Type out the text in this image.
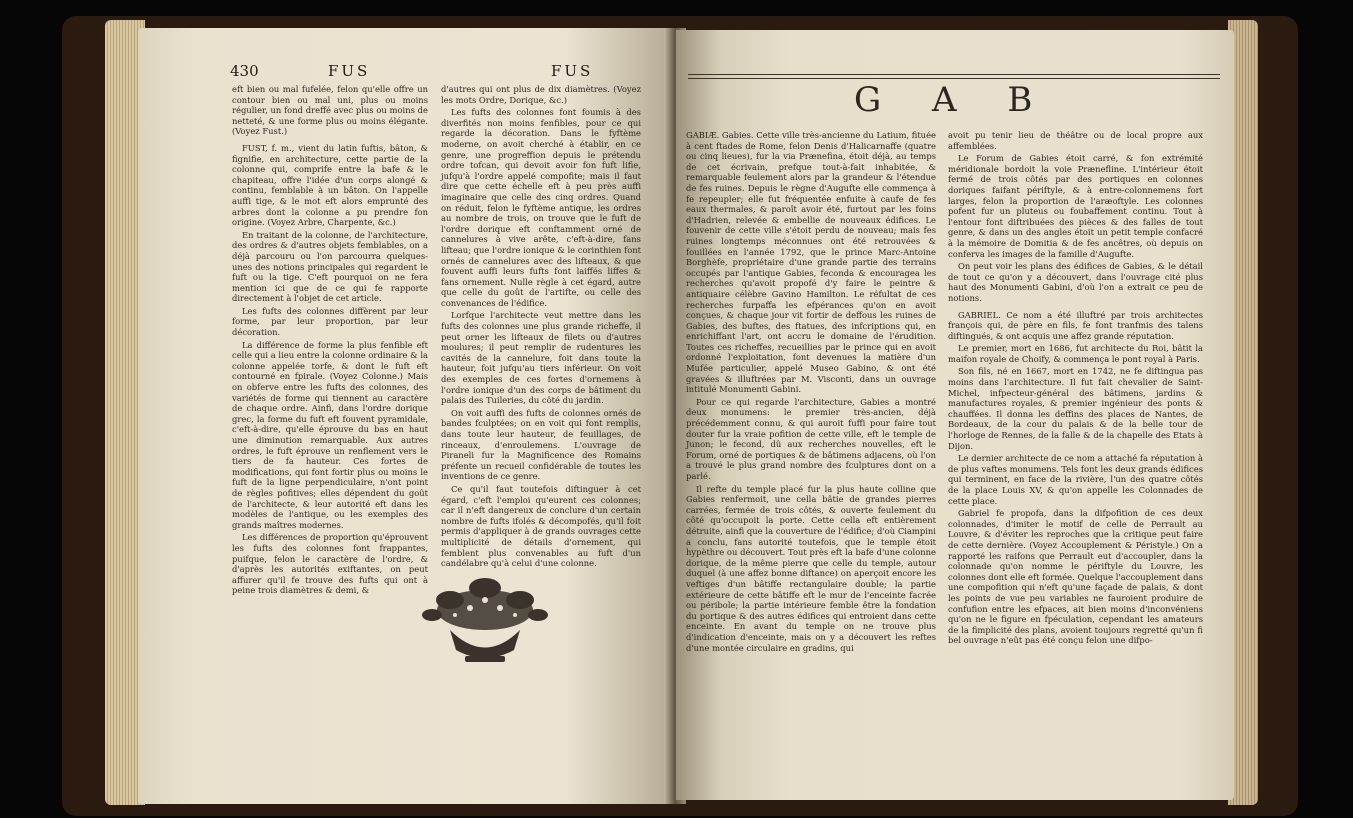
430	FUS	FUS

eft bien ou mal fufelée, felon qu'elle offre un contour bien ou mal uni, plus ou moins régulier, un fond dreffé avec plus ou moins de netteté, & une forme plus ou moins élégante. (Voyez Fust.)

FUST, f. m., vient du latin fuftis, bâton, & fignifie, en architecture, cette partie de la colonne qui, comprife entre la bafe & le chapiteau, offre l'idée d'un corps alongé & continu, femblable à un bâton. On l'appelle auffi tige, & le mot eft alors emprunté des arbres dont la colonne a pu prendre fon origine. (Voyez Arbre, Charpente, &c.)

En traitant de la colonne, de l'architecture, des ordres & d'autres objets femblables, on a déjà parcouru ou l'on parcourra quelques-unes des notions principales qui regardent le fuft ou la tige. C'eft pourquoi on ne fera mention ici que de ce qui fe rapporte directement à l'objet de cet article.

Les fufts des colonnes diffèrent par leur forme, par leur proportion, par leur décoration.

La différence de forme la plus fenfible eft celle qui a lieu entre la colonne ordinaire & la colonne appelée torfe, & dont le fuft eft contourné en fpirale. (Voyez Colonne.) Mais on obferve entre les fufts des colonnes, des variétés de forme qui tiennent au caractère de chaque ordre. Ainfi, dans l'ordre dorique grec, la forme du fuft eft fouvent pyramidale, c'eft-à-dire, qu'elle éprouve du bas en haut une diminution remarquable. Aux autres ordres, le fuft éprouve un renflement vers le tiers de fa hauteur. Ces fortes de modifications, qui font fortir plus ou moins le fuft de la ligne perpendiculaire, n'ont point de règles pofitives; elles dépendent du goût de l'architecte, & leur autorité eft dans les modèles de l'antique, ou les exemples des grands maîtres modernes.

Les différences de proportion qu'éprouvent les fufts des colonnes font frappantes, puifque, felon le caractère de l'ordre, & d'après les autorités exiftantes, on peut affurer qu'il fe trouve des fufts qui ont à peine trois diamètres & demi, &

d'autres qui ont plus de dix diamètres. (Voyez les mots Ordre, Dorique, &c.)

Les fufts des colonnes font foumis à des diverfités non moins fenfibles, pour ce qui regarde la décoration. Dans le fyftème moderne, on avoit cherché à établir, en ce genre, une progreffion depuis le prétendu ordre tofcan, qui devoit avoir fon fuft lifie, jufqu'à l'ordre appelé compofite; mais il faut dire que cette échelle eft à peu près auffi imaginaire que celle des cinq ordres. Quand on réduit, felon le fyftème antique, les ordres au nombre de trois, on trouve que le fuft de l'ordre dorique eft conftamment orné de cannelures à vive arête, c'eft-à-dire, fans lifteau; que l'ordre ionique & le corinthien font ornés de cannelures avec des lifteaux, & que fouvent auffi leurs fufts font laiffés liffes & fans ornement. Nulle règle à cet égard, autre que celle du goût de l'artifte, ou celle des convenances de l'édifice.

Lorfque l'architecte veut mettre dans les fufts des colonnes une plus grande richeffe, il peut orner les lifteaux de filets ou d'autres moulures; il peut remplir de rudentures les cavités de la cannelure, foit dans toute la hauteur, foit jufqu'au tiers inférieur. On voit des exemples de ces fortes d'ornemens à l'ordre ionique d'un des corps de bâtiment du palais des Tuileries, du côté du jardin.

On voit auffi des fufts de colonnes ornés de bandes fculptées; on en voit qui font remplis, dans toute leur hauteur, de feuillages, de rinceaux, d'enroulemens. L'ouvrage de Piraneli fur la Magnificence des Romains préfente un recueil confidérable de toutes les inventions de ce genre.

Ce qu'il faut toutefois diftinguer à cet égard, c'eft l'emploi qu'eurent ces colonnes; car il n'eft dangereux de conclure d'un certain nombre de fufts ifolés & décompofés, qu'il foit permis d'appliquer à de grands ouvrages cette multiplicité de détails d'ornement, qui femblent plus convenables au fuft d'un candélabre qu'à celui d'une colonne.

G A B

GABIÆ. Gabies. Cette ville très-ancienne du Latium, fituée à cent ftades de Rome, felon Denis d'Halicarnaffe (quatre ou cinq lieues), fur la via Prænefina, étoit déjà, au temps de cet écrivain, prefque tout-à-fait inhabitée, & remarquable feulement alors par la grandeur & l'étendue de fes ruines. Depuis le règne d'Augufte elle commença à fe repeupler; elle fut fréquentée enfuite à caufe de fes eaux thermales, & paroît avoir été, furtout par les foins d'Hadrien, relevée & embellie de nouveaux édifices. Le fouvenir de cette ville s'étoit perdu de nouveau; mais fes ruines longtemps méconnues ont été retrouvées & fouillées en l'année 1792, que le prince Marc-Antoine Borghèfe, propriétaire d'une grande partie des terrains occupés par l'antique Gabies, feconda & encouragea les recherches qu'avoit propofé d'y faire le peintre & antiquaire célèbre Gavino Hamilton. Le réfultat de ces recherches furpaffa les efpérances qu'on en avoit conçues, & chaque jour vit fortir de deffous les ruines de Gabies, des buftes, des ftatues, des infcriptions qui, en enrichiffant l'art, ont accru le domaine de l'érudition. Toutes ces richeffes, recueillies par le prince qui en avoit ordonné l'exploitation, font devenues la matière d'un Mufée particulier, appelé Museo Gabino, & ont été gravées & illuftrées par M. Visconti, dans un ouvrage intitulé Monumenti Gabini.

Pour ce qui regarde l'architecture, Gabies a montré deux monumens: le premier très-ancien, déjà précédemment connu, & qui auroit fuffi pour faire tout douter fur la vraie pofition de cette ville, eft le temple de Junon; le fecond, dû aux recherches nouvelles, eft le Forum, orné de portiques & de bâtimens adjacens, où l'on a trouvé le plus grand nombre des fculptures dont on a parlé.

Il refte du temple placé fur la plus haute colline que Gabies renfermoit, une cella bâtie de grandes pierres carrées, fermée de trois côtés, & ouverte feulement du côté qu'occupoit la porte. Cette cella eft entièrement détruite, ainfi que la couverture de l'édifice; d'où Ciampini a conclu, fans autorité toutefois, que le temple étoit hypèthre ou découvert. Tout près eft la bafe d'une colonne dorique, de la même pierre que celle du temple, autour duquel (à une affez bonne diftance) on aperçoit encore les veftiges d'un bâtiffe rectangulaire double; la partie extérieure de cette bâtiffe eft le mur de l'enceinte facrée ou péribole; la partie intérieure femble être la fondation du portique & des autres édifices qui entroient dans cette enceinte. En avant du temple on ne trouve plus d'indication d'enceinte, mais on y a découvert les reftes d'une montée circulaire en gradins, qui

avoit pu tenir lieu de théâtre ou de local propre aux affemblées.

Le Forum de Gabies étoit carré, & fon extrémité méridionale bordoit la voie Prænefline. L'intérieur étoit fermé de trois côtés par des portiques en colonnes doriques faifant périftyle, & à entre-colonnemens fort larges, felon la proportion de l'aræoftyle. Les colonnes pofent fur un pluteus ou foubaffement continu. Tout à l'entour font diftribuées des pièces & des falles de tout genre, & dans un des angles étoit un petit temple confacré à la mémoire de Domitia & de fes ancêtres, où depuis on conferva les images de la famille d'Augufte.

On peut voir les plans des édifices de Gabies, & le détail de tout ce qu'on y a découvert, dans l'ouvrage cité plus haut des Monumenti Gabini, d'où l'on a extrait ce peu de notions.

GABRIEL. Ce nom a été illuftré par trois architectes françois qui, de père en fils, fe font tranfmis des talens diftingués, & ont acquis une affez grande réputation.

Le premier, mort en 1686, fut architecte du Roi, bâtit la maifon royale de Choify, & commença le pont royal à Paris.

Son fils, né en 1667, mort en 1742, ne fe diftingua pas moins dans l'architecture. Il fut fait chevalier de Saint-Michel, infpecteur-général des bâtimens, jardins & manufactures royales, & premier ingénieur des ponts & chauffées. Il donna les deffins des places de Nantes, de Bordeaux, de la cour du palais & de la belle tour de l'horloge de Rennes, de la falle & de la chapelle des Etats à Dijon.

Le dernier architecte de ce nom a attaché fa réputation à de plus vaftes monumens. Tels font les deux grands édifices qui terminent, en face de la rivière, l'un des quatre côtés de la place Louis XV, & qu'on appelle les Colonnades de cette place.

Gabriel fe propofa, dans la difpofition de ces deux colonnades, d'imiter le motif de celle de Perrault au Louvre, & d'éviter les reproches que la critique peut faire de cette dernière. (Voyez Accouplement & Péristyle.) On a rapporté les raifons que Perrault eut d'accoupler, dans la colonnade qu'on nomme le périftyle du Louvre, les colonnes dont elle eft formée. Quelque l'accouplement dans une compofition qui n'eft qu'une façade de palais, & dont les points de vue peu variables ne fauroient produire de confufion entre les efpaces, ait bien moins d'inconvéniens qu'on ne le figure en fpéculation, cependant les amateurs de la fimplicité des plans, avoient toujours regretté qu'un fi bel ouvrage n'eût pas été conçu felon une difpo-
